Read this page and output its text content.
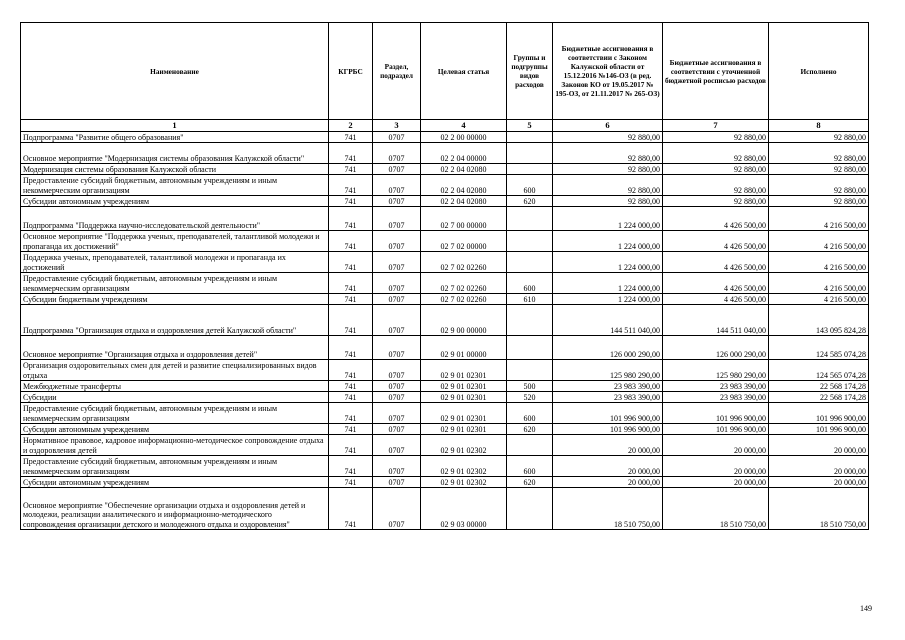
Наименование	КГРБС	Раздел, подраздел	Целевая статья	Группы и подгруппы видов расходов	Бюджетные ассигнования в соответствии с Законом Калужской области от 15.12.2016 №146-ОЗ (в ред. Законов КО от 19.05.2017 № 195-ОЗ, от 21.11.2017 № 265-ОЗ)	Бюджетные ассигнования в соответствии с уточненной бюджетной росписью расходов	Исполнено
1	2	3	4	5	6	7	8
Подпрограмма "Развитие общего образования"	741	0707	02 2 00 00000		92 880,00	92 880,00	92 880,00
Основное мероприятие "Модернизация системы образования Калужской области"	741	0707	02 2 04 00000		92 880,00	92 880,00	92 880,00
Модернизация системы образования Калужской области	741	0707	02 2 04 02080		92 880,00	92 880,00	92 880,00
Предоставление субсидий бюджетным, автономным учреждениям и иным некоммерческим организациям	741	0707	02 2 04 02080	600	92 880,00	92 880,00	92 880,00
Субсидии автономным учреждениям	741	0707	02 2 04 02080	620	92 880,00	92 880,00	92 880,00
Подпрограмма "Поддержка научно-исследовательской деятельности"	741	0707	02 7 00 00000		1 224 000,00	4 426 500,00	4 216 500,00
Основное мероприятие "Поддержка ученых, преподавателей, талантливой молодежи и пропаганда их достижений"	741	0707	02 7 02 00000		1 224 000,00	4 426 500,00	4 216 500,00
Поддержка ученых, преподавателей, талантливой молодежи и пропаганда их достижений	741	0707	02 7 02 02260		1 224 000,00	4 426 500,00	4 216 500,00
Предоставление субсидий бюджетным, автономным учреждениям и иным некоммерческим организациям	741	0707	02 7 02 02260	600	1 224 000,00	4 426 500,00	4 216 500,00
Субсидии бюджетным учреждениям	741	0707	02 7 02 02260	610	1 224 000,00	4 426 500,00	4 216 500,00
Подпрограмма "Организация отдыха и оздоровления детей Калужской области"	741	0707	02 9 00 00000		144 511 040,00	144 511 040,00	143 095 824,28
Основное мероприятие "Организация отдыха и оздоровления детей"	741	0707	02 9 01 00000		126 000 290,00	126 000 290,00	124 585 074,28
Организация оздоровительных смен для детей и развитие специализированных видов отдыха	741	0707	02 9 01 02301		125 980 290,00	125 980 290,00	124 565 074,28
Межбюджетные трансферты	741	0707	02 9 01 02301	500	23 983 390,00	23 983 390,00	22 568 174,28
Субсидии	741	0707	02 9 01 02301	520	23 983 390,00	23 983 390,00	22 568 174,28
Предоставление субсидий бюджетным, автономным учреждениям и иным некоммерческим организациям	741	0707	02 9 01 02301	600	101 996 900,00	101 996 900,00	101 996 900,00
Субсидии автономным учреждениям	741	0707	02 9 01 02301	620	101 996 900,00	101 996 900,00	101 996 900,00
Нормативное правовое, кадровое информационно-методическое сопровождение отдыха и оздоровления детей	741	0707	02 9 01 02302		20 000,00	20 000,00	20 000,00
Предоставление субсидий бюджетным, автономным учреждениям и иным некоммерческим организациям	741	0707	02 9 01 02302	600	20 000,00	20 000,00	20 000,00
Субсидии автономным учреждениям	741	0707	02 9 01 02302	620	20 000,00	20 000,00	20 000,00
Основное мероприятие "Обеспечение организации отдыха и оздоровления детей и молодежи, реализации аналитического и информационно-методического сопровождения организации детского и молодежного отдыха и оздоровления"	741	0707	02 9 03 00000		18 510 750,00	18 510 750,00	18 510 750,00
149
